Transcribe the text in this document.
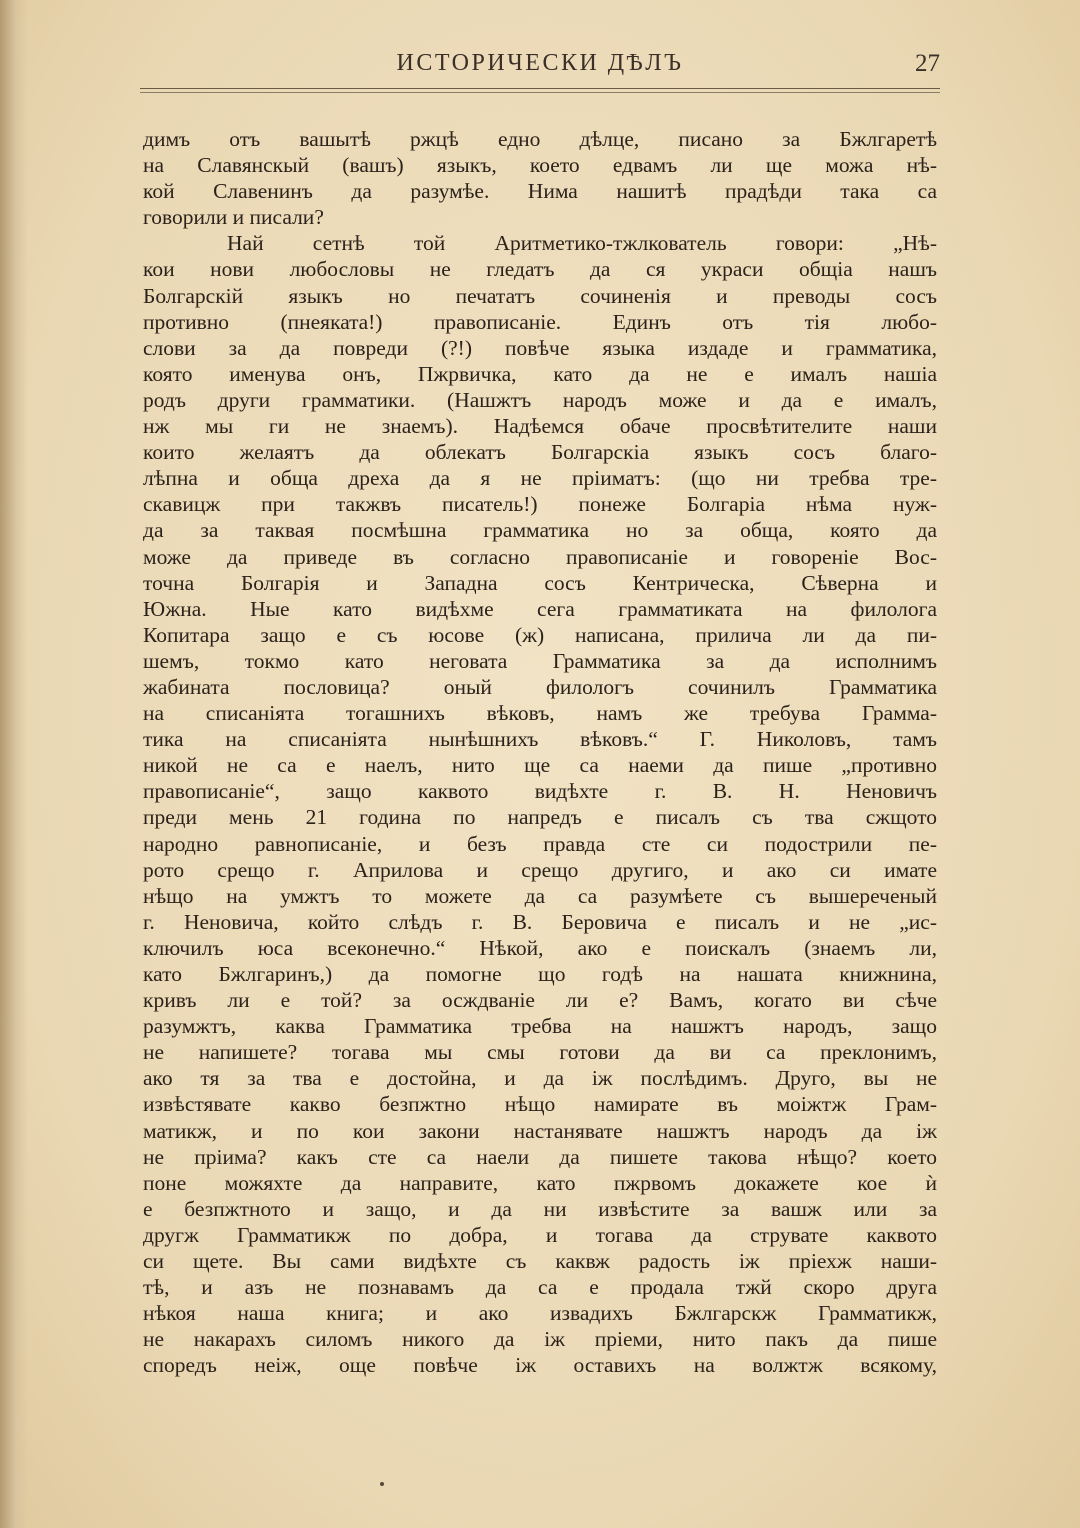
ИСТОРИЧЕСКИ ДѢЛЪ	27
димъ отъ вашытѣ ржцѣ едно дѣлце, писано за Бжлгаретѣ
на Славянскый (вашъ) языкъ, което едвамъ ли ще можа нѣ-
кой Славенинъ да разумѣе. Нима нашитѣ прадѣди така са
говорили и писали?
Най сетнѣ той Аритметико-тжлкователь говори: „Нѣ-
кои нови любословы не гледатъ да ся украси общіа нашъ
Болгарскій языкъ но печататъ сочиненія и преводы сосъ
противно (пнеякатa!) правописаніе. Единъ отъ тія любо-
слови за да повреди (?!) повѣче языка издаде и грамматика,
която именува онъ, Пжрвичка, като да не е ималъ нашіа
родъ други грамматики. (Нашжтъ народъ може и да е ималъ,
нж мы ги не знаемъ). Надѣемся обаче просвѣтителите наши
които желаятъ да облекатъ Болгарскіа языкъ сосъ благо-
лѣпна и обща дреха да я не пріиматъ: (що ни требва тре-
скавицж при такжвъ писатель!) понеже Болгаріа нѣма нуж-
да за таквая посмѣшна грамматика но за обща, която да
може да приведе въ согласно правописаніе и говореніе Вос-
точна Болгарія и Западна сосъ Кентрическа, Сѣверна и
Южна. Ные като видѣхме сега грамматиката на филолога
Копитара защо е съ юсове (ж) написана, прилича ли да пи-
шемъ, токмо като неговата Грамматика за да исполнимъ
жабината пословица? оный филологъ сочинилъ Грамматика
на списанiята тогашнихъ вѣковъ, намъ же требува Грамма-
тика на списанiята нынѣшнихъ вѣковъ.“ Г. Николовъ, тамъ
никой не са е наелъ, нито ще са наеми да пише „противно
правописаніе“, защо каквото видѣхте г. В. Н. Неновичъ
преди мень 21 година по напредъ е писалъ съ тва сжщото
народно равнописаніе, и безъ правда сте си подострили пе-
рото срещо г. Априлова и срещо другиго, и ако си имате
нѣщо на умжтъ то можете да са разумѣете съ вышереченый
г. Неновича, който слѣдъ г. В. Беровича е писалъ и не „ис-
ключилъ юса всеконечно.“ Нѣкой, ако е поискалъ (знаемъ ли,
като Бжлгаринъ,) да помогне що годѣ на нашата книжнина,
кривъ ли е той? за осждваніе ли е? Вамъ, когато ви сѣче
разумжтъ, каква Грамматика требва на нашжтъ народъ, защо
не напишете? тогава мы смы готови да ви са преклонимъ,
ако тя за тва е достойна, и да іж послѣдимъ. Друго, вы не
извѣстявате какво безпжтно нѣщо намирате въ моіжтж Грам-
матикж, и по кои закони настанявате нашжтъ народъ да іж
не пріима? какъ сте са наели да пишете такова нѣщо? което
поне можяхте да направите, като пжрвомъ докажете кое ѝ
е безпжтното и защо, и да ни извѣстите за вашж или за
другж Грамматикж по добра, и тогава да струвате каквото
си щете. Вы сами видѣхте съ каквж радость іж пріехж наши-
тѣ, и азъ не познавамъ да са е продала тжй скоро друга
нѣкоя наша книга; и ако извадихъ Бжлгарскж Грамматикж,
не накарахъ силомъ никого да іж пріеми, нито пакъ да пише
споредъ неіж, още повѣче іж оставихъ на волжтж всякому,
